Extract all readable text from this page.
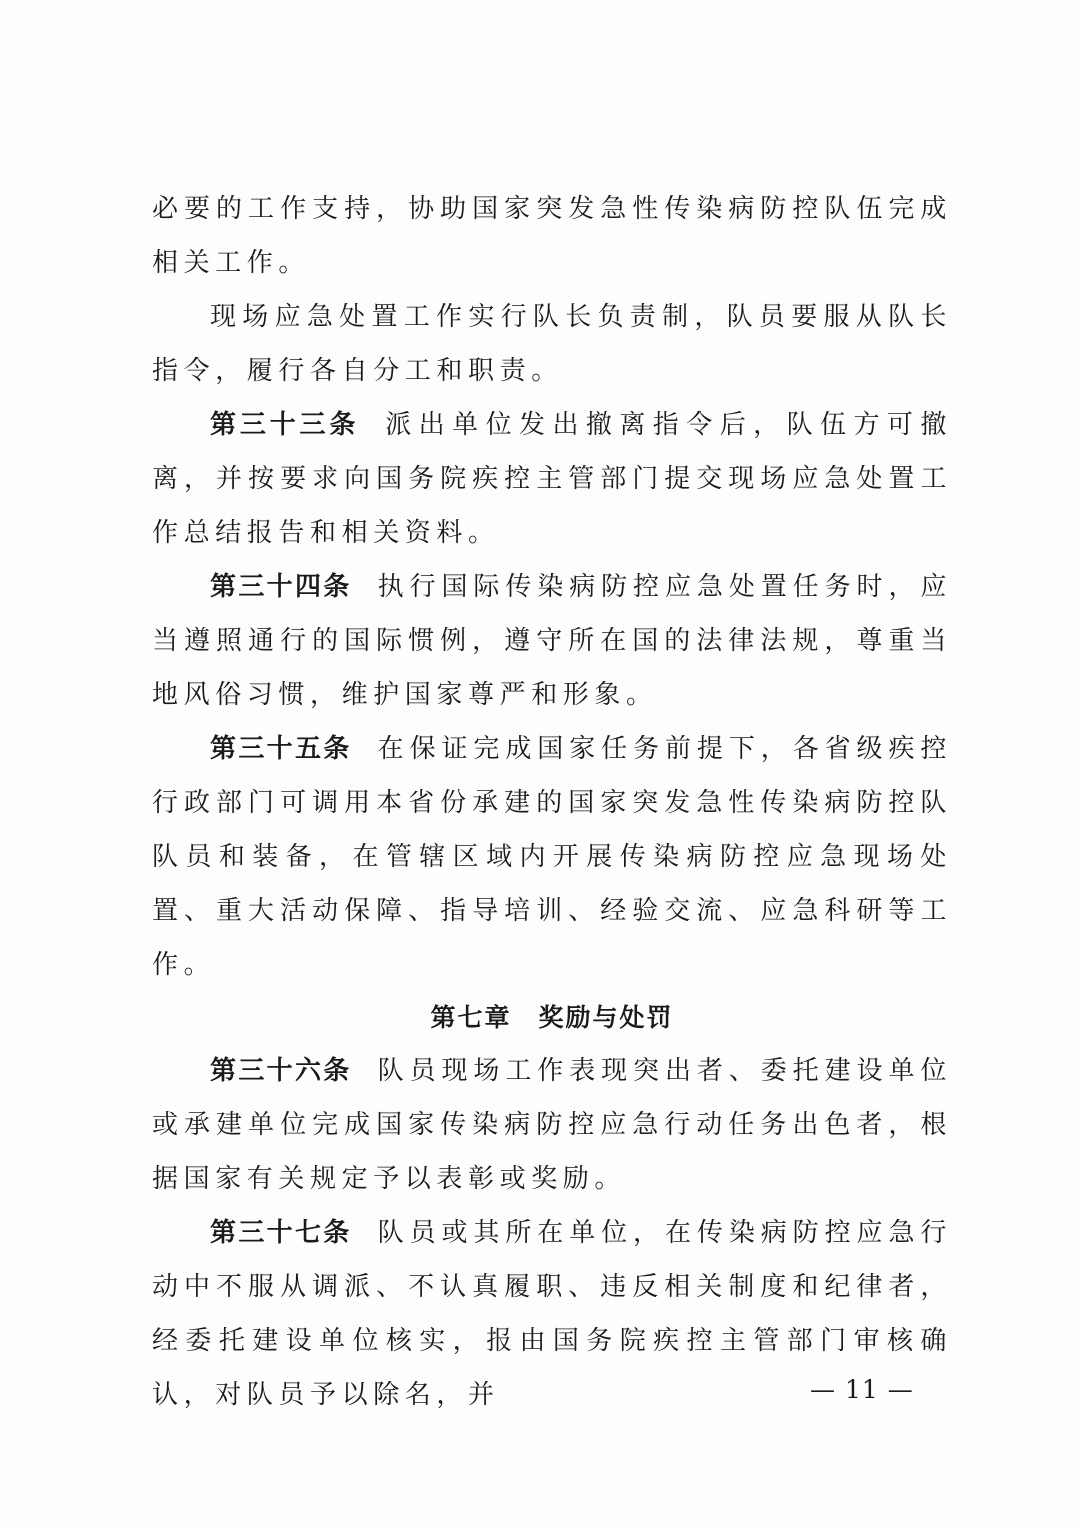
必要的工作支持，协助国家突发急性传染病防控队伍完成相关工作。

现场应急处置工作实行队长负责制，队员要服从队长指令，履行各自分工和职责。

第三十三条 派出单位发出撤离指令后，队伍方可撤离，并按要求向国务院疾控主管部门提交现场应急处置工作总结报告和相关资料。

第三十四条 执行国际传染病防控应急处置任务时，应当遵照通行的国际惯例，遵守所在国的法律法规，尊重当地风俗习惯，维护国家尊严和形象。

第三十五条 在保证完成国家任务前提下，各省级疾控行政部门可调用本省份承建的国家突发急性传染病防控队队员和装备，在管辖区域内开展传染病防控应急现场处置、重大活动保障、指导培训、经验交流、应急科研等工作。

第七章　奖励与处罚

第三十六条 队员现场工作表现突出者、委托建设单位或承建单位完成国家传染病防控应急行动任务出色者，根据国家有关规定予以表彰或奖励。

第三十七条 队员或其所在单位，在传染病防控应急行动中不服从调派、不认真履职、违反相关制度和纪律者，经委托建设单位核实，报由国务院疾控主管部门审核确认，对队员予以除名，并	— 11 —
